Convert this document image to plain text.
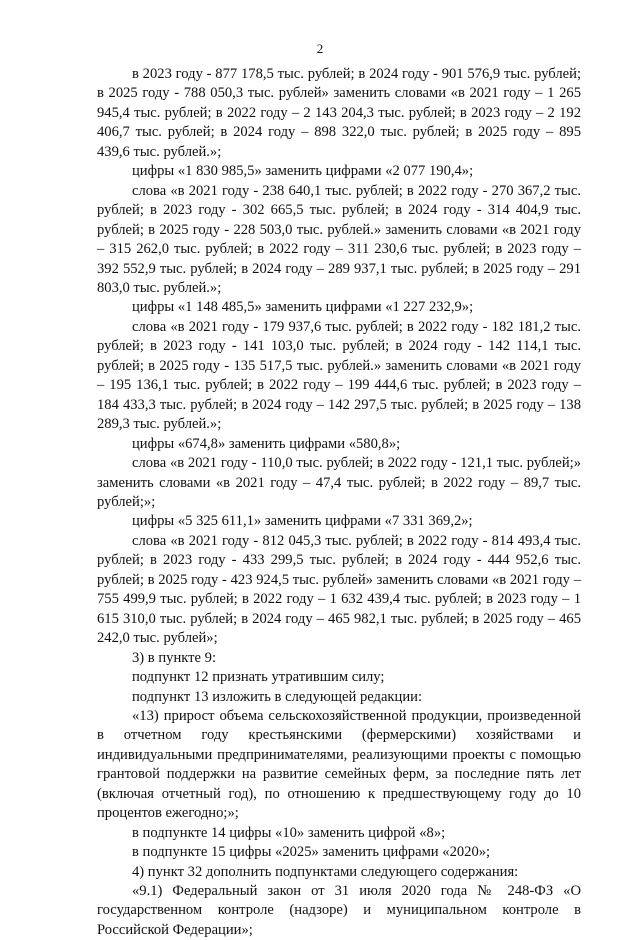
2

в 2023 году - 877 178,5 тыс. рублей; в 2024 году - 901 576,9 тыс. рублей; в 2025 году - 788 050,3 тыс. рублей» заменить словами «в 2021 году – 1 265 945,4 тыс. рублей; в 2022 году – 2 143 204,3 тыс. рублей; в 2023 году – 2 192 406,7 тыс. рублей; в 2024 году – 898 322,0 тыс. рублей; в 2025 году – 895 439,6 тыс. рублей.»;

цифры «1 830 985,5» заменить цифрами «2 077 190,4»;

слова «в 2021 году - 238 640,1 тыс. рублей; в 2022 году - 270 367,2 тыс. рублей; в 2023 году - 302 665,5 тыс. рублей; в 2024 году - 314 404,9 тыс. рублей; в 2025 году - 228 503,0 тыс. рублей.» заменить словами «в 2021 году – 315 262,0 тыс. рублей; в 2022 году – 311 230,6 тыс. рублей; в 2023 году – 392 552,9 тыс. рублей; в 2024 году – 289 937,1 тыс. рублей; в 2025 году – 291 803,0 тыс. рублей.»;

цифры «1 148 485,5» заменить цифрами «1 227 232,9»;

слова «в 2021 году - 179 937,6 тыс. рублей; в 2022 году - 182 181,2 тыс. рублей; в 2023 году - 141 103,0 тыс. рублей; в 2024 году - 142 114,1 тыс. рублей; в 2025 году - 135 517,5 тыс. рублей.» заменить словами «в 2021 году – 195 136,1 тыс. рублей; в 2022 году – 199 444,6 тыс. рублей; в 2023 году – 184 433,3 тыс. рублей; в 2024 году – 142 297,5 тыс. рублей; в 2025 году – 138 289,3 тыс. рублей.»;

цифры «674,8» заменить цифрами «580,8»;

слова «в 2021 году - 110,0 тыс. рублей; в 2022 году - 121,1 тыс. рублей;» заменить словами «в 2021 году – 47,4 тыс. рублей; в 2022 году – 89,7 тыс. рублей;»;

цифры «5 325 611,1» заменить цифрами «7 331 369,2»;

слова «в 2021 году - 812 045,3 тыс. рублей; в 2022 году - 814 493,4 тыс. рублей; в 2023 году - 433 299,5 тыс. рублей; в 2024 году - 444 952,6 тыс. рублей; в 2025 году - 423 924,5 тыс. рублей» заменить словами «в 2021 году – 755 499,9 тыс. рублей; в 2022 году – 1 632 439,4 тыс. рублей; в 2023 году – 1 615 310,0 тыс. рублей; в 2024 году – 465 982,1 тыс. рублей; в 2025 году – 465 242,0 тыс. рублей»;

3) в пункте 9:

подпункт 12 признать утратившим силу;

подпункт 13 изложить в следующей редакции:

«13) прирост объема сельскохозяйственной продукции, произведенной в отчетном году крестьянскими (фермерскими) хозяйствами и индивидуальными предпринимателями, реализующими проекты с помощью грантовой поддержки на развитие семейных ферм, за последние пять лет (включая отчетный год), по отношению к предшествующему году до 10 процентов ежегодно;»;

в подпункте 14 цифры «10» заменить цифрой «8»;

в подпункте 15 цифры «2025» заменить цифрами «2020»;

4) пункт 32 дополнить подпунктами следующего содержания:

«9.1) Федеральный закон от 31 июля 2020 года № 248-ФЗ «О государственном контроле (надзоре) и муниципальном контроле в Российской Федерации»;
